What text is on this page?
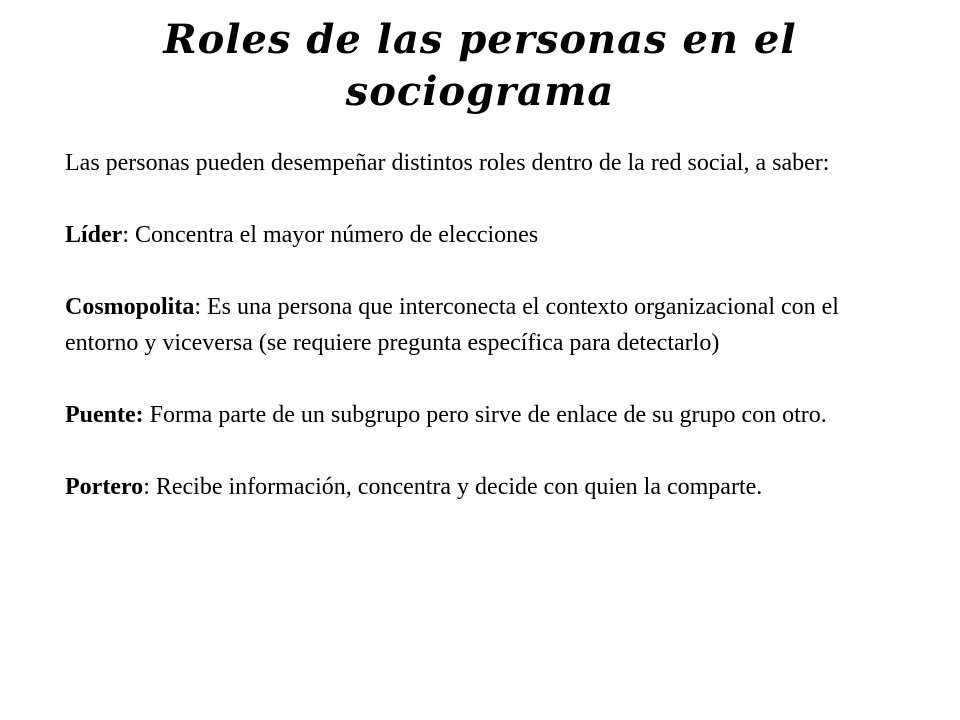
Roles de las personas en el sociograma

Las personas pueden desempeñar distintos roles dentro de la red social, a saber:

Líder: Concentra el mayor número de elecciones

Cosmopolita: Es una persona que interconecta el contexto organizacional con el entorno y viceversa (se requiere pregunta específica para detectarlo)

Puente: Forma parte de un subgrupo pero sirve de enlace de su grupo con otro.

Portero: Recibe información, concentra y decide con quien la comparte.
